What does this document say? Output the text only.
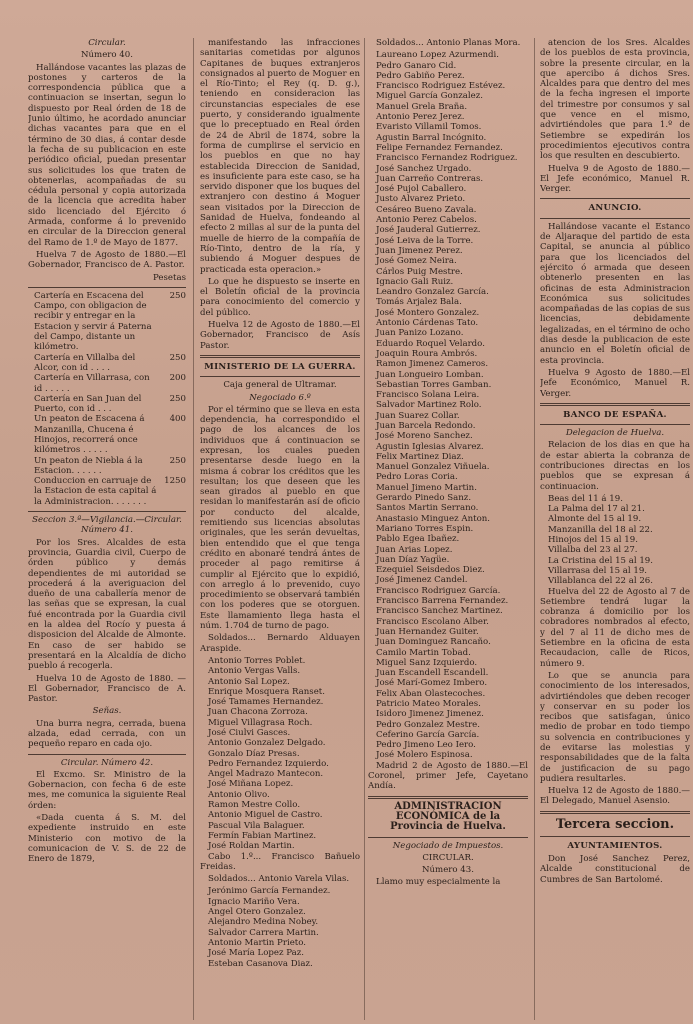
Circular.

Número 40.

Hallándose vacantes las plazas de postones y carteros de la correspondencia pública que a continuacion se insertan, segun lo dispuesto por Real órden de 18 de Junio último, he acordado anunciar dichas vacantes para que en el término de 30 dias, á contar desde la fecha de su publicacion en este periódico oficial, puedan presentar sus solicitudes los que traten de obtenerlas, acompañadas de su cédula personal y copia autorizada de la licencia que acredita haber sido licenciado del Ejército ó Armada, conforme á lo prevenido en circular de la Direccion general del Ramo de 1.º de Mayo de 1877.

Huelva 7 de Agosto de 1880.—El Gobernador, Francisco de A. Pastor.

Pesetas

Cartería en Escacena del Campo, con obligacion de recibir y entregar en la Estacion y servir á Paterna del Campo, distante un kilómetro.
250
Cartería en Villalba del Alcor, con id . . . .
250
Cartería en Villarrasa, con id . . . . .
200
Cartería en San Juan del Puerto, con id . . .
250
Un peaton de Escacena á Manzanilla, Chucena é Hinojos, recorrerá once kilómetros . . . . .
400
Un peaton de Niebla á la Estacion. . . . . .
250
Conduccion en carruaje de la Estacion de esta capital á la Administracion. . . . . . .
1250

Seccion 3.ª—Vigilancia.—Circular. Número 41.

Por los Sres. Alcaldes de esta provincia, Guardia civil, Cuerpo de órden público y demás dependientes de mi autoridad se procederá á la averiguacion del dueño de una caballería menor de las señas que se expresan, la cual fué encontrada por la Guardia civil en la aldea del Rocío y puesta á disposicion del Alcalde de Almonte. En caso de ser habido se presentará en la Alcaldía de dicho pueblo á recogerla.

Huelva 10 de Agosto de 1880. —El Gobernador, Francisco de A. Pastor.

Señas.

Una burra negra, cerrada, buena alzada, edad cerrada, con un pequeño reparo en cada ojo.

Circular. Número 42.

El Excmo. Sr. Ministro de la Gobernacion, con fecha 6 de este mes, me comunica la siguiente Real órden:

«Dada cuenta á S. M. del expediente instruido en este Ministerio con motivo de la comunicacion de V. S. de 22 de Enero de 1879,

manifestando las infracciones sanitarias cometidas por algunos Capitanes de buques extranjeros consignados al puerto de Moguer en el Río-Tinto; el Rey (q. D. g.), teniendo en consideracion las circunstancias especiales de ese puerto, y considerando igualmente que lo preceptuado en Real órden de 24 de Abril de 1874, sobre la forma de cumplirse el servicio en los pueblos en que no hay establecida Direccion de Sanidad, es insuficiente para este caso, se ha servido disponer que los buques del extranjero con destino á Moguer sean visitados por la Direccion de Sanidad de Huelva, fondeando al efecto 2 millas al sur de la punta del muelle de hierro de la compañía de Río-Tinto, dentro de la ría, y subiendo á Moguer despues de practicada esta operacion.»

Lo que he dispuesto se inserte en el Boletín oficial de la provincia para conocimiento del comercio y del público.

Huelva 12 de Agosto de 1880.—El Gobernador, Francisco de Asís Pastor.

MINISTERIO DE LA GUERRA.

Caja general de Ultramar.

Negociado 6.º

Por el término que se lleva en esta dependencia, ha correspondido el pago de los alcances de los individuos que á continuacion se expresan, los cuales pueden presentarse desde luego en la misma á cobrar los créditos que les resultan; los que deseen que les sean girados al pueblo en que residan lo manifestarán así de oficio por conducto del alcalde, remitiendo sus licencias absolutas originales, que les serán devueltas, bien entendido que el que tenga crédito en abonaré tendrá ántes de proceder al pago remitirse á cumplir al Ejército que lo expidió, con arreglo á lo prevenido, cuyo procedimiento se observará también con los poderes que se otorguen. Este llamamiento llega hasta el núm. 1.704 de turno de pago.

Soldados... Bernardo Alduayen Araspide.

Antonio Torres Poblet.
Antonio Vergas Valls.
Antonio Sal Lopez.
Enrique Mosquera Ranset.
José Tamames Hernandez.
Juan Chacona Zorroza.
Miguel Villagrasa Roch.
José Ciulvi Gasces.
Antonio Gonzalez Delgado.
Gonzalo Díaz Presas.
Pedro Fernandez Izquierdo.
Angel Madrazo Mantecon.
José Miñana Lopez.
Antonio Olivo.
Ramon Mestre Collo.
Antonio Miguel de Castro.
Pascual Vila Balaguer.
Fermín Fabian Martinez.
José Roldan Martin.

Cabo 1.º... Francisco Bañuelo Freidas.

Soldados... Antonio Varela Vilas.

Jerónimo García Fernandez.
Ignacio Mariño Vera.
Angel Otero Gonzalez.
Alejandro Medina Nobey.
Salvador Carrera Martin.
Antonio Martin Prieto.
José María Lopez Paz.
Esteban Casanova Diaz.

Soldados... Antonio Planas Mora.

Laureano Lopez Azurmendi.
Pedro Ganaro Cid.
Pedro Gabiño Perez.
Francisco Rodriguez Estévez.
Miguel García Gonzalez.
Manuel Grela Braña.
Antonio Perez Jerez.
Evaristo Villamil Tomos.
Agustin Barral Incógnito.
Felipe Fernandez Fernandez.
Francisco Fernandez Rodriguez.
José Sanchez Urgado.
Juan Carreño Contreras.
José Pujol Caballero.
Justo Alvarez Prieto.
Cesáreo Bueno Zavala.
Antonio Perez Cabelos.
José Jauderal Gutierrez.
José Leiva de la Torre.
Juan Jimenez Perez.
José Gomez Neira.
Cárlos Puig Mestre.
Ignacio Gali Ruiz.
Leandro Gonzalez García.
Tomás Arjalez Bala.
José Montero Gonzalez.
Antonio Cárdenas Tato.
Juan Panizo Lozano.
Eduardo Roquel Velardo.
Joaquin Roura Ambrós.
Ramon Jimenez Cameros.
Juan Longueiro Lomban.
Sebastian Torres Gamban.
Francisco Solana Leira.
Salvador Martinez Rolo.
Juan Suarez Collar.
Juan Barcela Redondo.
José Moreno Sanchez.
Agustin Iglesias Alvarez.
Felix Martinez Diaz.
Manuel Gonzalez Viñuela.
Pedro Loras Coria.
Manuel Jimeno Martin.
Gerardo Pinedo Sanz.
Santos Martin Serrano.
Anastasio Minguez Anton.
Mariano Torres Espin.
Pablo Egea Ibañez.
Juan Arias Lopez.
Juan Díaz Yagüe.
Ezequiel Seisdedos Diez.
José Jimenez Candel.
Francisco Rodriguez García.
Francisco Barrena Fernandez.
Francisco Sanchez Martinez.
Francisco Escolano Alber.
Juan Hernandez Guiter.
Juan Dominguez Rancaño.
Camilo Martin Tobad.
Miguel Sanz Izquierdo.
Juan Escandell Escandell.
José Marí-Gomez Imbero.
Felix Aban Olastecoches.
Patricio Mateo Morales.
Isidoro Jimenez Jimenez.
Pedro Gonzalez Mestre.
Ceferino García García.
Pedro Jimeno Leo Iero.
José Molero Espinosa.

Madrid 2 de Agosto de 1880.—El Coronel, primer Jefe, Cayetano Andía.

ADMINISTRACION ECONÓMICA de la Provincia de Huelva.

Negociado de Impuestos.

CIRCULAR.

Número 43.

Llamo muy especialmente la

atencion de los Sres. Alcaldes de los pueblos de esta provincia, sobre la presente circular, en la que apercibo á dichos Sres. Alcaldes para que dentro del mes de la fecha ingresen el importe del trimestre por consumos y sal que vence en el mismo, advirtiéndoles que para 1.º de Setiembre se expedirán los procedimientos ejecutivos contra los que resulten en descubierto.

Huelva 9 de Agosto de 1880.—El Jefe económico, Manuel R. Verger.

ANUNCIO.

Hallándose vacante el Estanco de Aljaraque del partido de esta Capital, se anuncia al público para que los licenciados del ejército ó armada que deseen obtenerlo presenten en las oficinas de esta Administracion Económica sus solicitudes acompañadas de las copias de sus licencias, debidamente legalizadas, en el término de ocho dias desde la publicacion de este anuncio en el Boletín oficial de esta provincia.

Huelva 9 Agosto de 1880.—El Jefe Económico, Manuel R. Verger.

BANCO DE ESPAÑA.

Delegacion de Huelva.

Relacion de los dias en que ha de estar abierta la cobranza de contribuciones directas en los pueblos que se expresan á continuacion.

Beas del 11 á 19.
La Palma del 17 al 21.
Almonte del 15 al 19.
Manzanilla del 18 al 22.
Hinojos del 15 al 19.
Villalba del 23 al 27.
La Cristina del 15 al 19.
Villarrasa del 15 al 19.
Villablanca del 22 al 26.

Huelva del 22 de Agosto al 7 de Setiembre tendrá lugar la cobranza á domicilio por los cobradores nombrados al efecto, y del 7 al 11 de dicho mes de Setiembre en la oficina de esta Recaudacion, calle de Ricos, número 9.

Lo que se anuncia para conocimiento de los interesados, advirtiéndoles que deben recoger y conservar en su poder los recibos que satisfagan, único medio de probar en todo tiempo su solvencia en contribuciones y de evitarse las molestias y responsabilidades que de la falta de justificacion de su pago pudiera resultarles.

Huelva 12 de Agosto de 1880.—El Delegado, Manuel Asensio.

Tercera seccion.

AYUNTAMIENTOS.

Don José Sanchez Perez, Alcalde constitucional de Cumbres de San Bartolomé.
